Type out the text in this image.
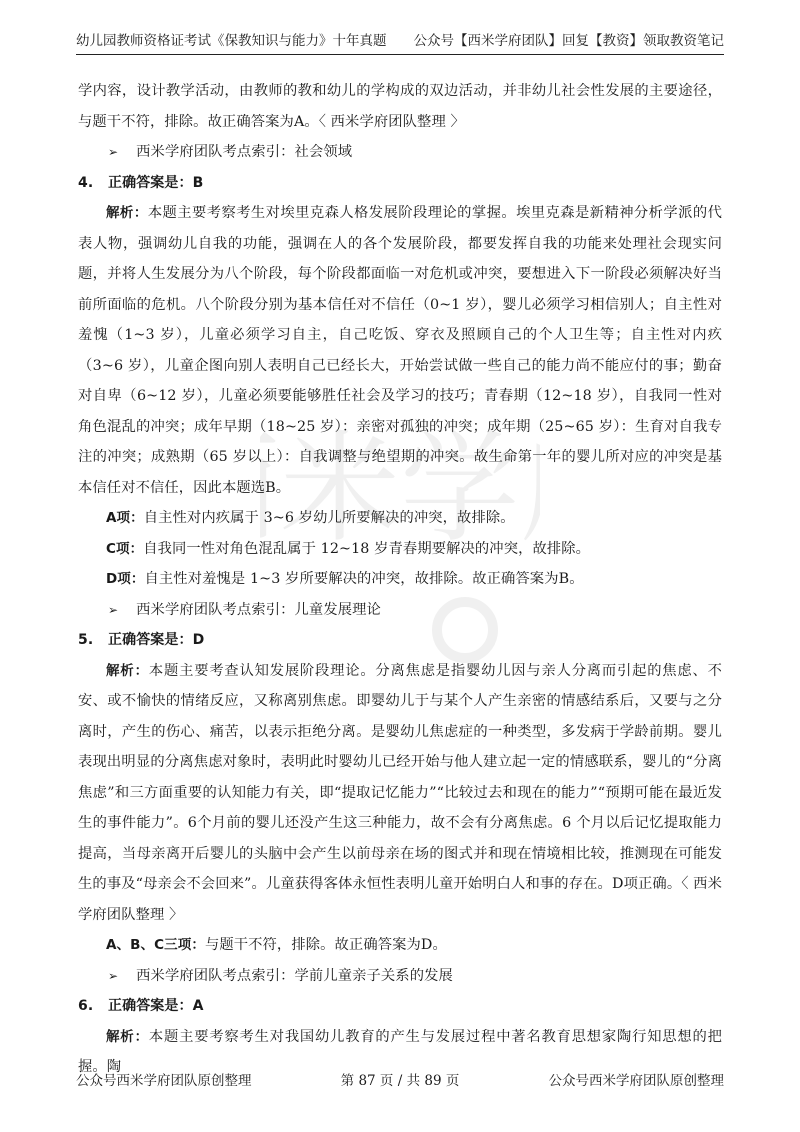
米学
幼儿园教师资格证考试《保教知识与能力》十年真题 公众号【西米学府团队】回复【教资】领取教资笔记

学内容，设计教学活动，由教师的教和幼儿的学构成的双边活动，并非幼儿社会性发展的主要途径，与题干不符，排除。故正确答案为A。〈 西米学府团队整理 〉

➢ 西米学府团队考点索引：社会领域

4. 正确答案是：B

解析：本题主要考察考生对埃里克森人格发展阶段理论的掌握。埃里克森是新精神分析学派的代表人物，强调幼儿自我的功能，强调在人的各个发展阶段，都要发挥自我的功能来处理社会现实问题，并将人生发展分为八个阶段，每个阶段都面临一对危机或冲突，要想进入下一阶段必须解决好当前所面临的危机。八个阶段分别为基本信任对不信任（0~1 岁），婴儿必须学习相信别人；自主性对羞愧（1~3 岁），儿童必须学习自主，自己吃饭、穿衣及照顾自己的个人卫生等；自主性对内疚（3~6 岁），儿童企图向别人表明自己已经长大，开始尝试做一些自己的能力尚不能应付的事；勤奋对自卑（6~12 岁），儿童必须要能够胜任社会及学习的技巧；青春期（12~18 岁），自我同一性对角色混乱的冲突；成年早期（18~25 岁）：亲密对孤独的冲突；成年期（25~65 岁）：生育对自我专注的冲突；成熟期（65 岁以上）：自我调整与绝望期的冲突。故生命第一年的婴儿所对应的冲突是基本信任对不信任，因此本题选B。

A项：自主性对内疚属于 3~6 岁幼儿所要解决的冲突，故排除。

C项：自我同一性对角色混乱属于 12~18 岁青春期要解决的冲突，故排除。

D项：自主性对羞愧是 1~3 岁所要解决的冲突，故排除。故正确答案为B。

➢ 西米学府团队考点索引：儿童发展理论

5. 正确答案是：D

解析：本题主要考查认知发展阶段理论。分离焦虑是指婴幼儿因与亲人分离而引起的焦虑、不安、或不愉快的情绪反应，又称离别焦虑。即婴幼儿于与某个人产生亲密的情感结系后，又要与之分离时，产生的伤心、痛苦，以表示拒绝分离。是婴幼儿焦虑症的一种类型，多发病于学龄前期。婴儿表现出明显的分离焦虑对象时，表明此时婴幼儿已经开始与他人建立起一定的情感联系，婴儿的“分离焦虑”和三方面重要的认知能力有关，即“提取记忆能力”“比较过去和现在的能力”“预期可能在最近发生的事件能力”。6个月前的婴儿还没产生这三种能力，故不会有分离焦虑。6 个月以后记忆提取能力提高，当母亲离开后婴儿的头脑中会产生以前母亲在场的图式并和现在情境相比较，推测现在可能发生的事及“母亲会不会回来”。儿童获得客体永恒性表明儿童开始明白人和事的存在。D项正确。〈 西米学府团队整理 〉

A、B、C三项：与题干不符，排除。故正确答案为D。

➢ 西米学府团队考点索引：学前儿童亲子关系的发展

6. 正确答案是：A

解析：本题主要考察考生对我国幼儿教育的产生与发展过程中著名教育思想家陶行知思想的把握。陶

公众号西米学府团队原创整理	第 87 页 / 共 89 页	公众号西米学府团队原创整理
